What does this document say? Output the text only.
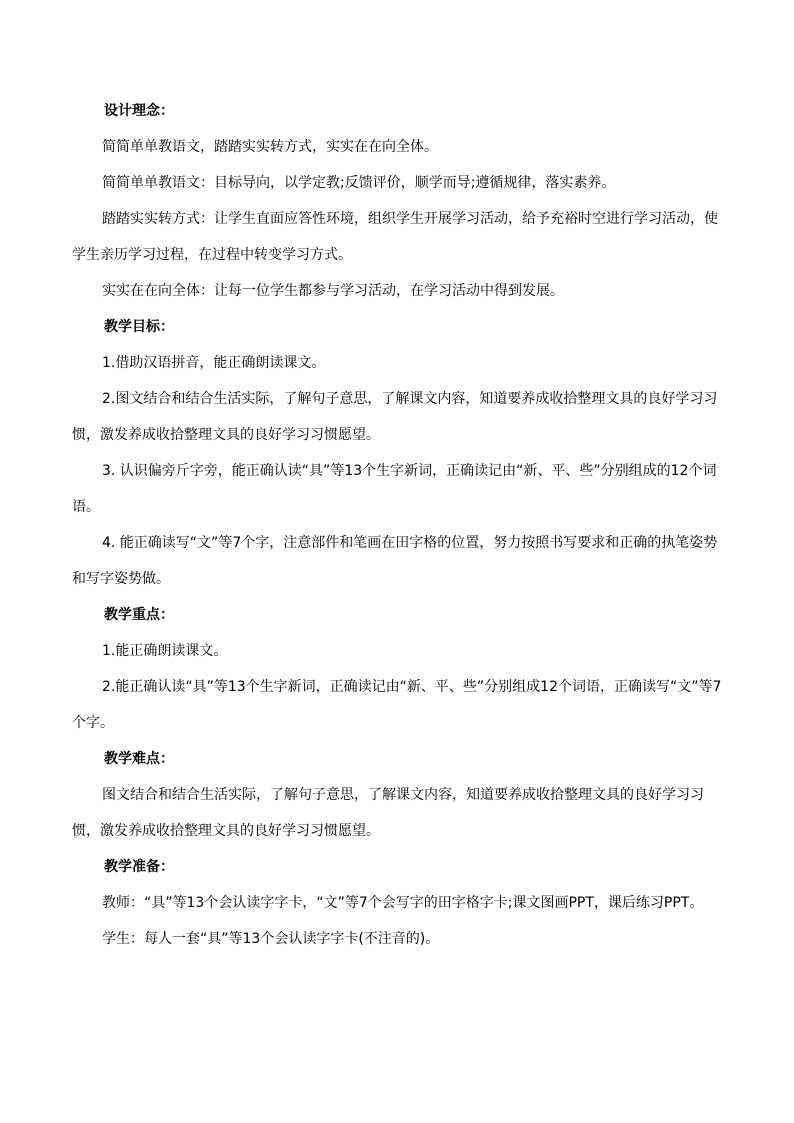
设计理念：

简简单单教语文，踏踏实实转方式，实实在在向全体。

简简单单教语文：目标导向，以学定教;反馈评价，顺学而导;遵循规律，落实素养。

踏踏实实转方式：让学生直面应答性环境，组织学生开展学习活动，给予充裕时空进行学习活动，使学生亲历学习过程，在过程中转变学习方式。

实实在在向全体：让每一位学生都参与学习活动，在学习活动中得到发展。

教学目标：

1.借助汉语拼音，能正确朗读课文。

2.图文结合和结合生活实际，了解句子意思，了解课文内容，知道要养成收拾整理文具的良好学习习惯，激发养成收拾整理文具的良好学习习惯愿望。

3. 认识偏旁斤字旁，能正确认读“具”等13个生字新词，正确读记由“新、平、些”分别组成的12个词语。

4. 能正确读写“文”等7个字，注意部件和笔画在田字格的位置，努力按照书写要求和正确的执笔姿势和写字姿势做。

教学重点：

1.能正确朗读课文。

2.能正确认读“具”等13个生字新词，正确读记由“新、平、些”分别组成12个词语，正确读写“文”等7个字。

教学难点：

图文结合和结合生活实际，了解句子意思，了解课文内容，知道要养成收拾整理文具的良好学习习惯，激发养成收拾整理文具的良好学习习惯愿望。

教学准备：

教师：“具”等13个会认读字字卡，“文”等7个会写字的田字格字卡;课文图画PPT，课后练习PPT。

学生：每人一套“具”等13个会认读字字卡(不注音的)。
